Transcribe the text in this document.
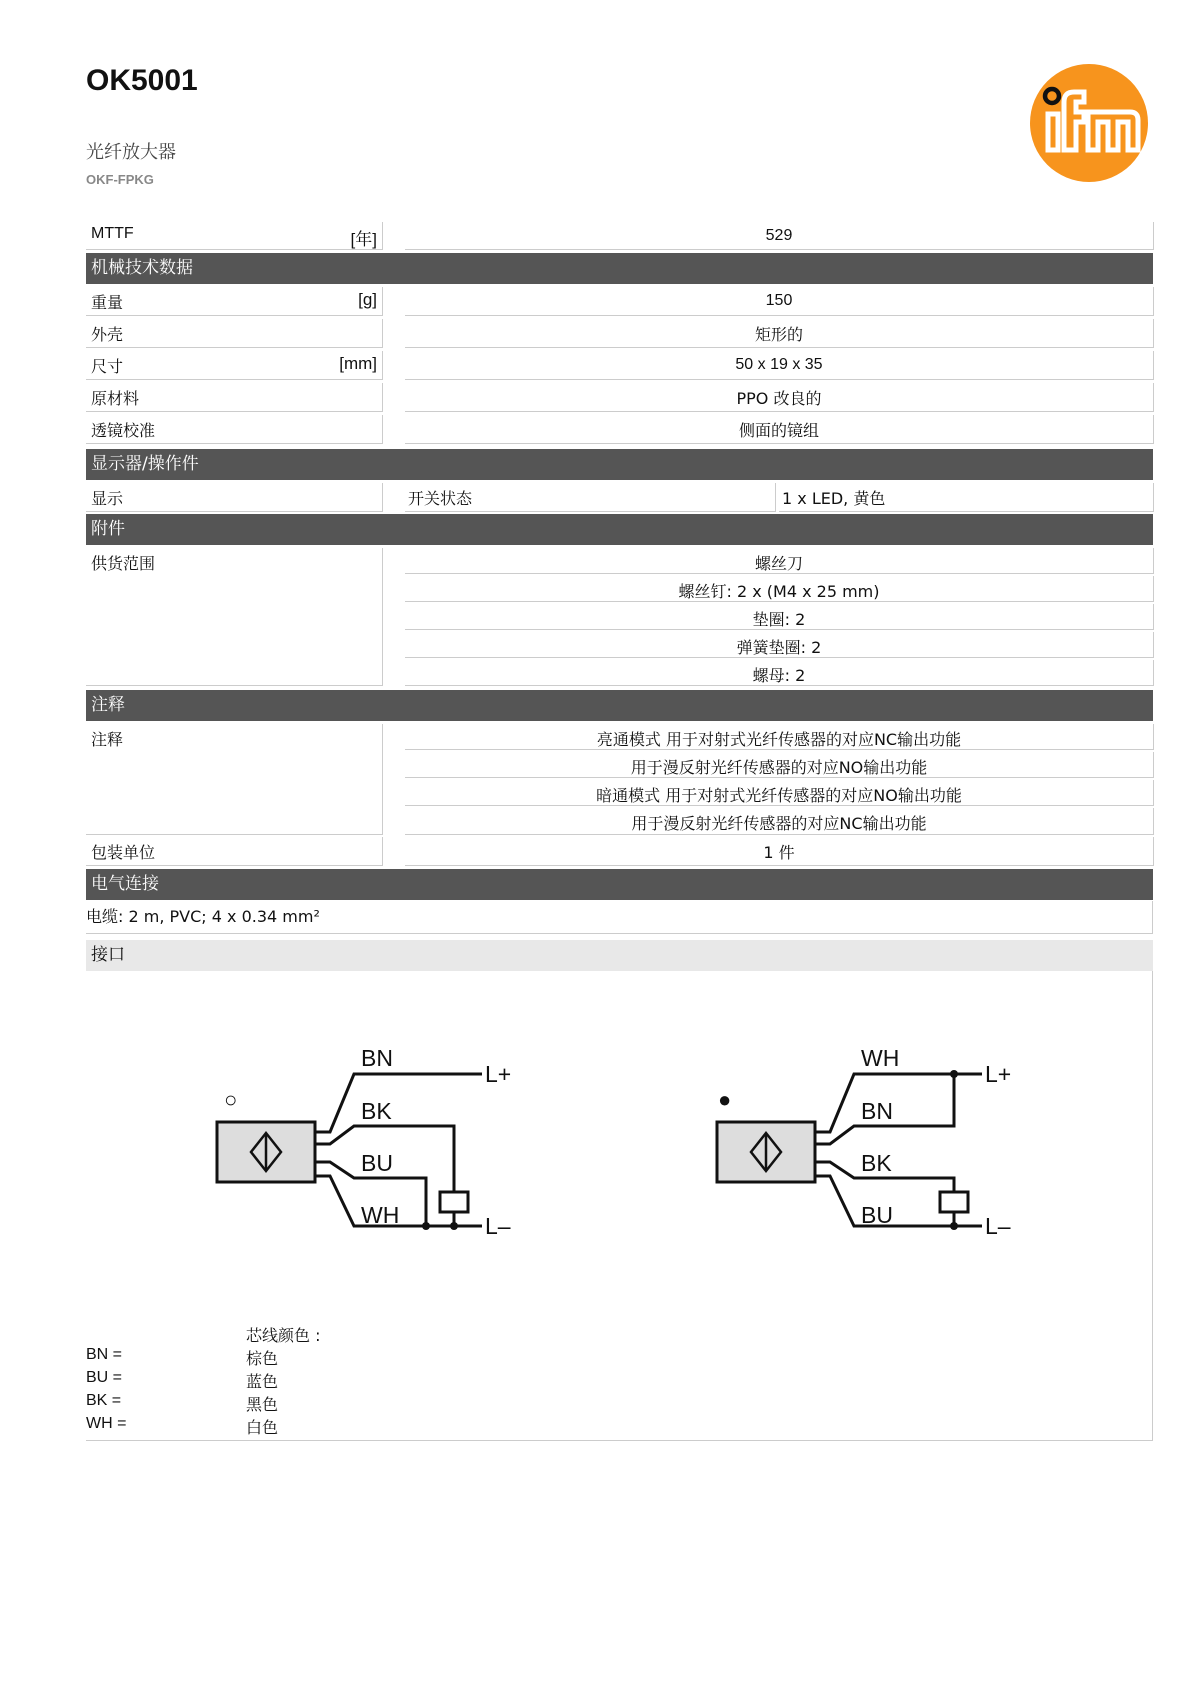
OK5001
光纤放大器
OKF-FPKG
MTTF	[年]	529
机械技术数据
重量	[g]	150
外壳	矩形的
尺寸	[mm]	50 x 19 x 35
原材料	PPO 改良的
透镜校准	侧面的镜组
显示器/操作件
显示	开关状态	1 x LED, 黄色
附件
供货范围	螺丝刀
螺丝钉: 2 x (M4 x 25 mm)
垫圈: 2
弹簧垫圈: 2
螺母: 2
注释
注释	亮通模式 用于对射式光纤传感器的对应NC输出功能
用于漫反射光纤传感器的对应NO输出功能
暗通模式 用于对射式光纤传感器的对应NO输出功能
用于漫反射光纤传感器的对应NC输出功能
包装单位	1 件
电气连接
电缆: 2 m, PVC; 4 x 0.34 mm²
接口
○
BN
BK
BU
WH
L+
L–
●
WH
BN
BK
BU
L+
L–
芯线颜色 :
BN =	棕色
BU =	蓝色
BK =	黑色
WH =	白色
